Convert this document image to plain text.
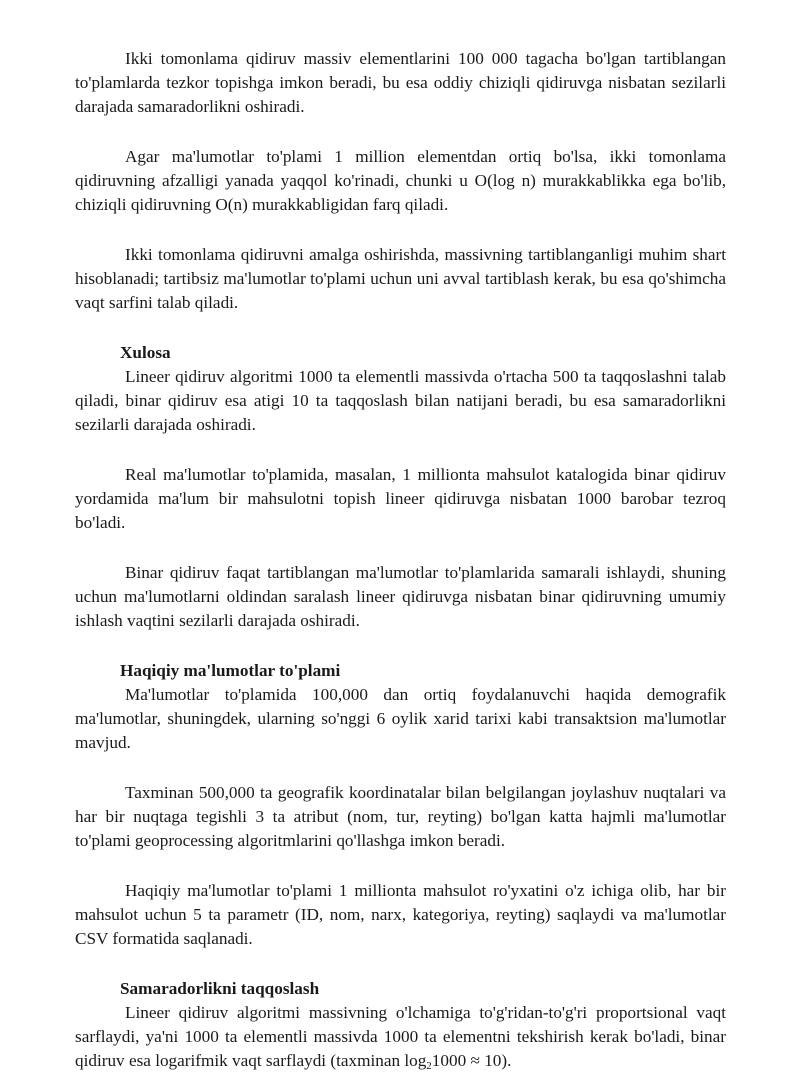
Ikki tomonlama qidiruv massiv elementlarini 100 000 tagacha bo'lgan tartiblangan to'plamlarda tezkor topishga imkon beradi, bu esa oddiy chiziqli qidiruvga nisbatan sezilarli darajada samaradorlikni oshiradi.

Agar ma'lumotlar to'plami 1 million elementdan ortiq bo'lsa, ikki tomonlama qidiruvning afzalligi yanada yaqqol ko'rinadi, chunki u O(log n) murakkablikka ega bo'lib, chiziqli qidiruvning O(n) murakkabligidan farq qiladi.

Ikki tomonlama qidiruvni amalga oshirishda, massivning tartiblanganligi muhim shart hisoblanadi; tartibsiz ma'lumotlar to'plami uchun uni avval tartiblash kerak, bu esa qo'shimcha vaqt sarfini talab qiladi.

Xulosa

Lineer qidiruv algoritmi 1000 ta elementli massivda o'rtacha 500 ta taqqoslashni talab qiladi, binar qidiruv esa atigi 10 ta taqqoslash bilan natijani beradi, bu esa samaradorlikni sezilarli darajada oshiradi.

Real ma'lumotlar to'plamida, masalan, 1 millionta mahsulot katalogida binar qidiruv yordamida ma'lum bir mahsulotni topish lineer qidiruvga nisbatan 1000 barobar tezroq bo'ladi.

Binar qidiruv faqat tartiblangan ma'lumotlar to'plamlarida samarali ishlaydi, shuning uchun ma'lumotlarni oldindan saralash lineer qidiruvga nisbatan binar qidiruvning umumiy ishlash vaqtini sezilarli darajada oshiradi.

Haqiqiy ma'lumotlar to'plami

Ma'lumotlar to'plamida 100,000 dan ortiq foydalanuvchi haqida demografik ma'lumotlar, shuningdek, ularning so'nggi 6 oylik xarid tarixi kabi transaktsion ma'lumotlar mavjud.

Taxminan 500,000 ta geografik koordinatalar bilan belgilangan joylashuv nuqtalari va har bir nuqtaga tegishli 3 ta atribut (nom, tur, reyting) bo'lgan katta hajmli ma'lumotlar to'plami geoprocessing algoritmlarini qo'llashga imkon beradi.

Haqiqiy ma'lumotlar to'plami 1 millionta mahsulot ro'yxatini o'z ichiga olib, har bir mahsulot uchun 5 ta parametr (ID, nom, narx, kategoriya, reyting) saqlaydi va ma'lumotlar CSV formatida saqlanadi.

Samaradorlikni taqqoslash

Lineer qidiruv algoritmi massivning o'lchamiga to'g'ridan-to'g'ri proportsional vaqt sarflaydi, ya'ni 1000 ta elementli massivda 1000 ta elementni tekshirish kerak bo'ladi, binar qidiruv esa logarifmik vaqt sarflaydi (taxminan $\log_21000 \approx 10$).
